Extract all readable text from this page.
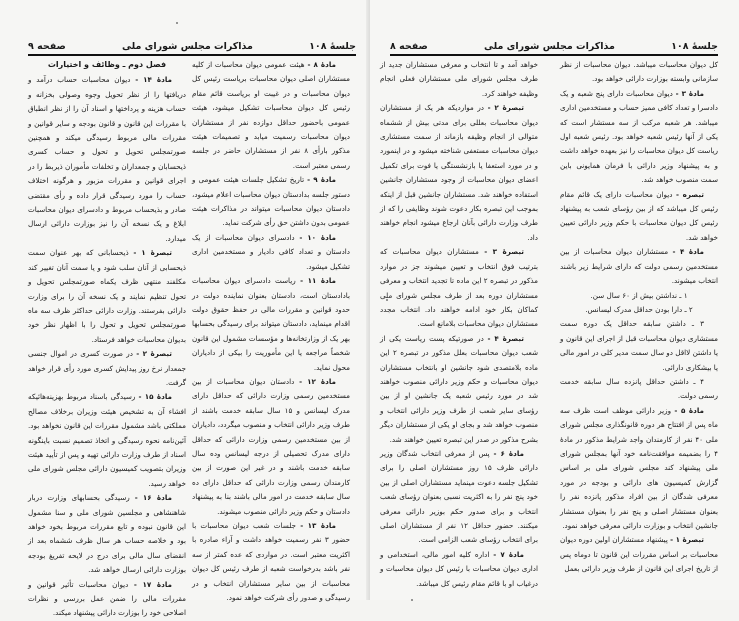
جلسهٔ ۱۰۸
مذاکرات مجلس شورای ملی
صفحه ۹

مادهٔ ۸ - هیئت عمومی دیوان محاسبات از کلیه مستشاران اصلی دیوان محاسبات بریاست رئیس کل دیوان محاسبات و در غیبت او بریاست قائم مقام رئیس کل دیوان محاسبات تشکیل میشود، هیئت عمومی باحضور حداقل دوازده نفر از مستشاران دیوان محاسبات رسمیت میابد و تصمیمات هیئت مذکور بارأی ۸ نفر از مستشاران حاضر در جلسه رسمی معتبر است.

مادهٔ ۹ - تاریخ تشکیل جلسات هیئت عمومی و دستور جلسه بدادستان دیوان محاسبات اعلام میشود، دادستان دیوان محاسبات میتواند در مذاکرات هیئت عمومی بدون داشتن حق رأی شرکت نماید.

مادهٔ ۱۰ - دادسرای دیوان محاسبات از یک دادستان و تعداد کافی دادیار و مستخدمین اداری تشکیل میشود.

مادهٔ ۱۱ - ریاست دادسرای دیوان محاسبات بادادستان است، دادستان بعنوان نماینده دولت در حدود قوانین و مقررات مالی در حفظ حقوق دولت اقدام مینماید، دادستان میتواند برای رسیدگی بحسابها بهر یک از وزارتخانه‌ها و مؤسسات مشمول این قانون شخصاً مراجعه یا این مأموریت را بیکی از دادیاران محول نماید.

مادهٔ ۱۲ - دادستان دیوان محاسبات از بین مستخدمین رسمی وزارت دارائی که حداقل دارای مدرک لیسانس و ۱۵ سال سابقه خدمت باشند از طرف وزیر دارائی انتخاب و منصوب میگردد، دادیاران از بین مستخدمین رسمی وزارت دارائی که حداقل دارای مدرک تحصیلی از درجه لیسانس وده سال سابقه خدمت باشند و در غیر این صورت از بین کارمندان رسمی وزارت دارائی که حداقل دارای ده سال سابقه خدمت در امور مالی باشند بنا به پیشنهاد دادستان و حکم وزیر دارائی منصوب میشوند.

مادهٔ ۱۳ - جلسات شعب دیوان محاسبات با حضور ۳ نفر رسمیت خواهد داشت و آراء صادره با اکثریت معتبر است. در مواردی که عده کمتر از سه نفر باشد بدرخواست شعبه از طرف رئیس کل دیوان محاسبات از بین سایر مستشاران انتخاب و در رسیدگی و صدور رأی شرکت خواهد نمود.

فصل دوم ـ وظائف و اختیارات

مادهٔ ۱۴ - دیوان محاسبات حساب درآمد و دریافتها را از نظر تحویل وجوه وصولی بخزانه و حساب هزینه و پرداختها و اسناد آن را از نظر انطباق با مقررات این قانون و قانون بودجه و سایر قوانین و مقررات مالی مربوط رسیدگی میکند و همچنین صورتمجلس تحویل و تحول و حساب کسری ذیحسابان و جمعداران و تخلفات مأموران ذیربط را در اجرای قوانین و مقررات مزبور و هرگونه اختلاف حساب را مورد رسیدگی قرار داده و رأی مقتضی صادر و بذیحساب مربوط و دادسرای دیوان محاسبات ابلاغ و یک نسخه آن را نیز بوزارت دارائی ارسال میدارد.

تبصرهٔ ۱ - ذیحسابانی که بهر عنوان سمت ذیحسابی از آنان سلب شود و یا سمت آنان تغییر کند مکلفند منتهی ظرف یکماه صورتمجلس تحویل و تحول تنظیم نمایند و یک نسخه آن را برای وزارت دارائی بفرستند. وزارت دارائی حداکثر ظرف سه ماه صورتمجلس تحویل و تحول را با اظهار نظر خود بدیوان محاسبات خواهد فرستاد.

تبصرهٔ ۲ - در صورت کسری در اموال جنسی جمعدار نرخ روز پیدایش کسری مورد رأی قرار خواهد گرفت.

مادهٔ ۱۵ - رسیدگی باسناد مربوط بهزینه‌هائیکه افشاء آن به تشخیص هیئت وزیران برخلاف مصالح مملکتی باشد مشمول مقررات این قانون نخواهد بود. آئین‌نامه نحوه رسیدگی و اتخاذ تصمیم نسبت باینگونه اسناد از طرف وزارت دارائی تهیه و پس از تأیید هیئت وزیران بتصویب کمیسیون دارائی مجلس شورای ملی خواهد رسید.

مادهٔ ۱۶ - رسیدگی بحسابهای وزارت دربار شاهنشاهی و مجلسین شورای ملی و سنا مشمول این قانون نبوده و تابع مقررات مربوط بخود خواهد بود و خلاصه حساب هر سال ظرف ششماه بعد از انقضای سال مالی برای درج در لایحه تفریغ بودجه بوزارت دارائی ارسال خواهد شد.

مادهٔ ۱۷ - دیوان محاسبات تأثیر قوانین و مقررات مالی را ضمن عمل بررسی و نظرات اصلاحی خود را بوزارت دارائی پیشنهاد میکند.

جلسهٔ ۱۰۸
مذاکرات مجلس شورای ملی
صفحه ۸

کل دیوان محاسبات میباشد. دیوان محاسبات از نظر سازمانی وابسته بوزارت دارائی خواهد بود.

مادهٔ ۳ - دیوان محاسبات دارای پنج شعبه و یک دادسرا و تعداد کافی ممیز حساب و مستخدمین اداری میباشد. هر شعبه مرکب از سه مستشار است که یکی از آنها رئیس شعبه خواهد بود. رئیس شعبه اول ریاست کل دیوان محاسبات را نیز بعهده خواهد داشت و به پیشنهاد وزیر دارائی با فرمان همایونی باین سمت منصوب خواهد شد.

تبصره - دیوان محاسبات دارای یک قائم مقام رئیس کل میباشد که از بین رؤسای شعب به پیشنهاد رئیس کل دیوان محاسبات با حکم وزیر دارائی تعیین خواهد شد.

مادهٔ ۴ - مستشاران دیوان محاسبات از بین مستخدمین رسمی دولت که دارای شرایط زیر باشند انتخاب میشوند.

۱ ـ نداشتن بیش از ۶۰ سال سن.

۲ ـ دارا بودن حداقل مدرک لیسانس.

۳ ـ داشتن سابقه حداقل یک دوره سمت مستشاری دیوان محاسبات قبل از اجرای این قانون و یا داشتن لااقل دو سال سمت مدیر کلی در امور مالی یا بیشکاری دارائی.

۴ ـ داشتن حداقل پانزده سال سابقه خدمت رسمی دولت.

مادهٔ ۵ - وزیر دارائی موظف است ظرف سه ماه پس از افتتاح هر دوره قانونگذاری مجلس شورای ملی ۴۰ نفر از کارمندان واجد شرایط مذکور در مادهٔ ۴ را بضمیمه موافقت‌نامه خود آنها بمجلس شورای ملی پیشنهاد کند مجلس شورای ملی بر اساس گزارش کمیسیون های دارائی و بودجه در مورد معرفی شدگان از بین افراد مذکور پانزده نفر را بعنوان مستشار اصلی و پنج نفر را بعنوان مستشار جانشین انتخاب و بوزارت دارائی معرفی خواهد نمود.

تبصرهٔ ۱ - پیشنهاد مستشاران اولین دوره دیوان محاسبات بر اساس مقررات این قانون تا دوماه پس از تاریخ اجرای این قانون از طرف وزیر دارائی بعمل

خواهد آمد و تا انتخاب و معرفی مستشاران جدید از طرف مجلس شورای ملی مستشاران فعلی انجام وظیفه خواهند کرد.

تبصرهٔ ۲ - در مواردیکه هر یک از مستشاران دیوان محاسبات بعللی برای مدتی بیش از ششماه متوالی از انجام وظیفه بازماند از سمت مستشاری دیوان محاسبات مستعفی شناخته میشود و در اینمورد و در مورد استعفا یا بازنشستگی یا فوت برای تکمیل اعضای دیوان محاسبات از وجود مستشاران جانشین استفاده خواهند شد. مستشاران جانشین قبل از اینکه بموجب این تبصره بکار دعوت شوند وظایفی را که از طرف وزارت دارائی بآنان ارجاع میشود انجام خواهند داد.

تبصرهٔ ۳ - مستشاران دیوان محاسبات که بترتیب فوق انتخاب و تعیین میشوند جز در موارد مذکور در تبصره ۲ این ماده تا تجدید انتخاب و معرفی مستشاران دوره بعد از طرف مجلس شورای ملی کماکان بکار خود ادامه خواهند داد. انتخاب مجدد مستشاران دیوان محاسبات بلامانع است.

تبصرهٔ ۴ - در صورتیکه پست ریاست یکی از شعب دیوان محاسبات بعلل مذکور در تبصره ۲ این ماده بلامتصدی شود جانشین او بانتخاب مستشاران دیوان محاسبات و حکم وزیر دارائی منصوب خواهند شد در مورد رئیس شعبه یک جانشین او از بین رؤسای سایر شعب از طرف وزیر دارائی انتخاب و منصوب خواهد شد و بجای او یکی از مستشاران دیگر بشرح مذکور در صدر این تبصره تعیین خواهند شد.

مادهٔ ۶ - پس از معرفی انتخاب شدگان وزیر دارائی ظرف ۱۵ روز مستشاران اصلی را برای تشکیل جلسه دعوت مینماید مستشاران اصلی از بین خود پنج نفر را به اکثریت نسبی بعنوان رؤسای شعب انتخاب و برای صدور حکم بوزیر دارائی معرفی میکنند. حضور حداقل ۱۲ نفر از مستشاران اصلی برای انتخاب رؤسای شعب الزامی است.

مادهٔ ۷ - اداره کلیه امور مالی، استخدامی و اداری دیوان محاسبات با رئیس کل دیوان محاسبات و درغیاب او با قائم مقام رئیس کل میباشد.
